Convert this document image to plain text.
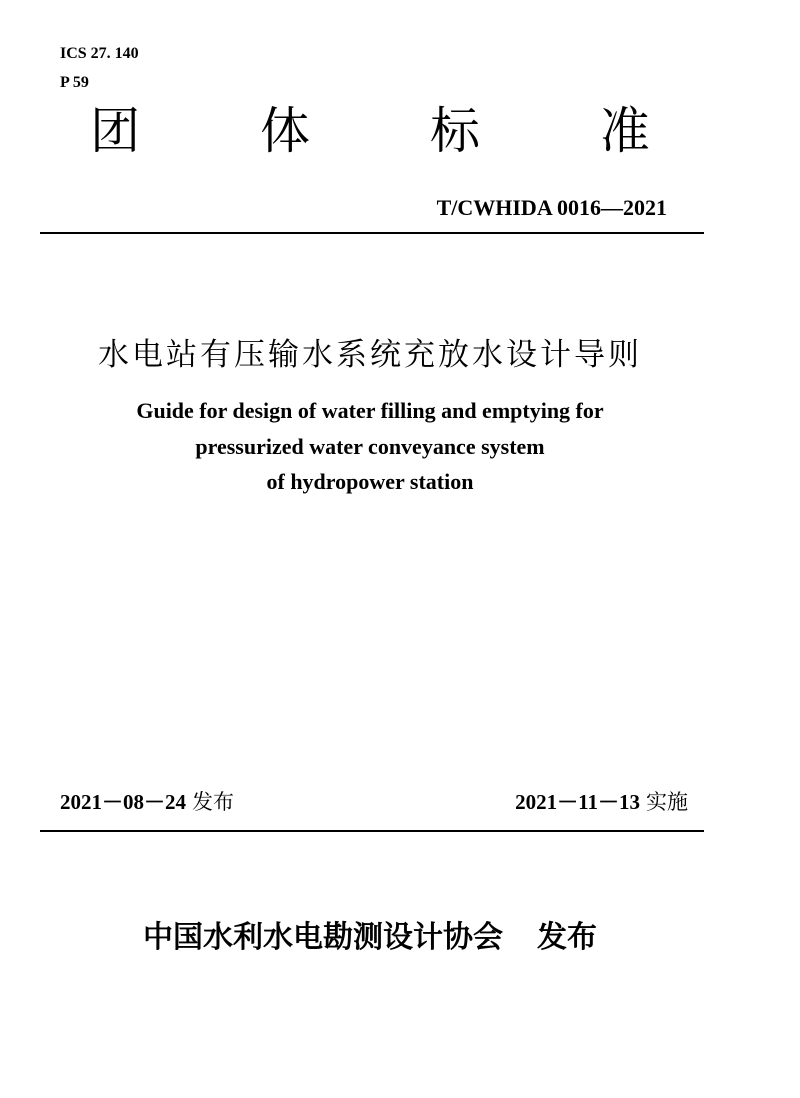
ICS 27. 140
P 59
团 体 标 准
T/CWHIDA 0016—2021
水电站有压输水系统充放水设计导则
Guide for design of water filling and emptying for
pressurized water conveyance system
of hydropower station
2021－08－24 发布	2021－11－13 实施
中国水利水电勘测设计协会 发布
